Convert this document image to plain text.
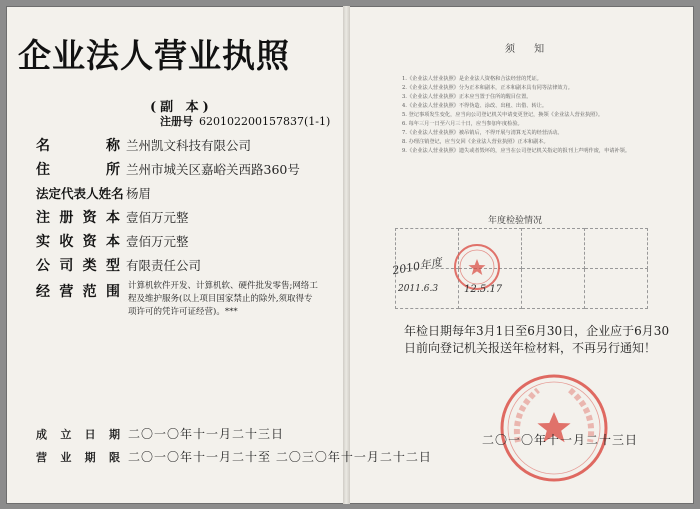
企业法人营业执照
(副 本)
注册号 620102200157837(1-1)
名	称 兰州凯文科技有限公司
住	所 兰州市城关区嘉峪关西路360号
法 定 代 表 人 姓 名 杨眉
注 册 资 本 壹佰万元整
实 收 资 本 壹佰万元整
公 司 类 型 有限责任公司
经 营 范 围 计算机软件开发、计算机软、硬件批发零售;网络工程及维护服务(以上项目国家禁止的除外,须取得专项许可的凭许可证经营)。***
成 立 日 期 二〇一〇年十一月二十三日
营 业 期 限 二〇一〇年十一月二十至 二〇三〇年十一月二十二日
须 知
1.《企业法人营业执照》是企业法人资格和合法经营的凭证。
2.《企业法人营业执照》分为正本和副本，正本和副本具有同等法律效力。
3.《企业法人营业执照》正本应当置于住所的醒目位置。
4.《企业法人营业执照》不得伪造、涂改、出租、出借、转让。
5. 登记事项发生变化，应当向公司登记机关申请变更登记，换领《企业法人营业执照》。
6. 每年三月一日至六月三十日，应当参加年度检验。
7.《企业法人营业执照》被吊销后，不得开展与清算无关的经营活动。
8. 办理注销登记，应当交回《企业法人营业执照》正本和副本。
9.《企业法人营业执照》遗失或者毁坏的，应当在公司登记机关指定的报刊上声明作废，申请补领。
年度检验情况

2010年度
2011.6.3	12.5.17
年检日期每年3月1日至6月30日，企业应于6月30日前向登记机关报送年检材料，不再另行通知！
二〇一〇年十一月二十三日
